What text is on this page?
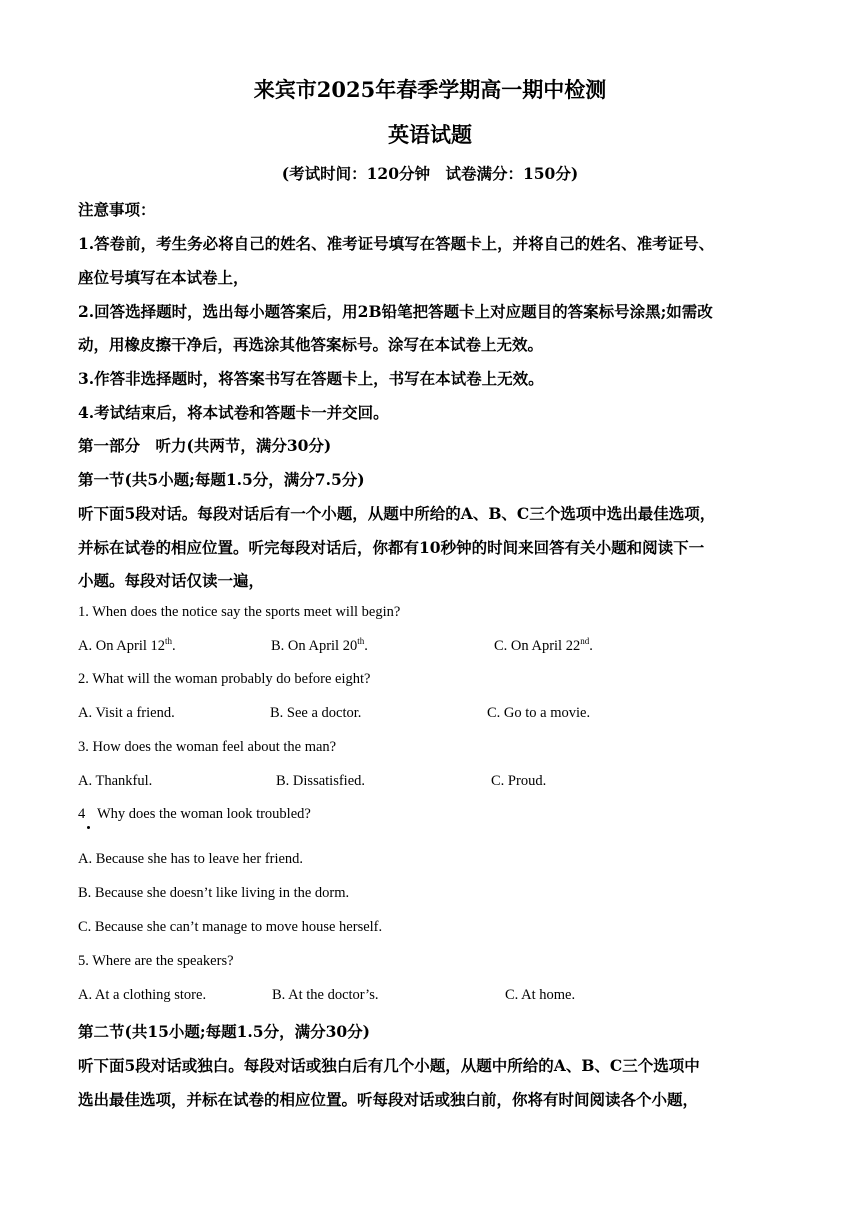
来宾市2025年春季学期高一期中检测
英语试题
(考试时间：120分钟　试卷满分：150分)
注意事项：
1.答卷前，考生务必将自己的姓名、准考证号填写在答题卡上，并将自己的姓名、准考证号、
座位号填写在本试卷上，
2.回答选择题时，选出每小题答案后，用2B铅笔把答题卡上对应题目的答案标号涂黑;如需改
动，用橡皮擦干净后，再选涂其他答案标号。涂写在本试卷上无效。
3.作答非选择题时，将答案书写在答题卡上，书写在本试卷上无效。
4.考试结束后，将本试卷和答题卡一并交回。
第一部分　听力(共两节，满分30分)
第一节(共5小题;每题1.5分，满分7.5分)
听下面5段对话。每段对话后有一个小题，从题中所给的A、B、C三个选项中选出最佳选项，
并标在试卷的相应位置。听完每段对话后，你都有10秒钟的时间来回答有关小题和阅读下一
小题。每段对话仅读一遍，
1. When does the notice say the sports meet will begin?
A. On April 12th.	B. On April 20th.	C. On April 22nd.
2. What will the woman probably do before eight?
A. Visit a friend.	B. See a doctor.	C. Go to a movie.
3. How does the woman feel about the man?
A. Thankful.	B. Dissatisfied.	C. Proud.
4 Why does the woman look troubled?
A. Because she has to leave her friend.
B. Because she doesn’t like living in the dorm.
C. Because she can’t manage to move house herself.
5. Where are the speakers?
A. At a clothing store.	B. At the doctor’s.	C. At home.
第二节(共15小题;每题1.5分，满分30分)
听下面5段对话或独白。每段对话或独白后有几个小题，从题中所给的A、B、C三个选项中
选出最佳选项，并标在试卷的相应位置。听每段对话或独白前，你将有时间阅读各个小题，
